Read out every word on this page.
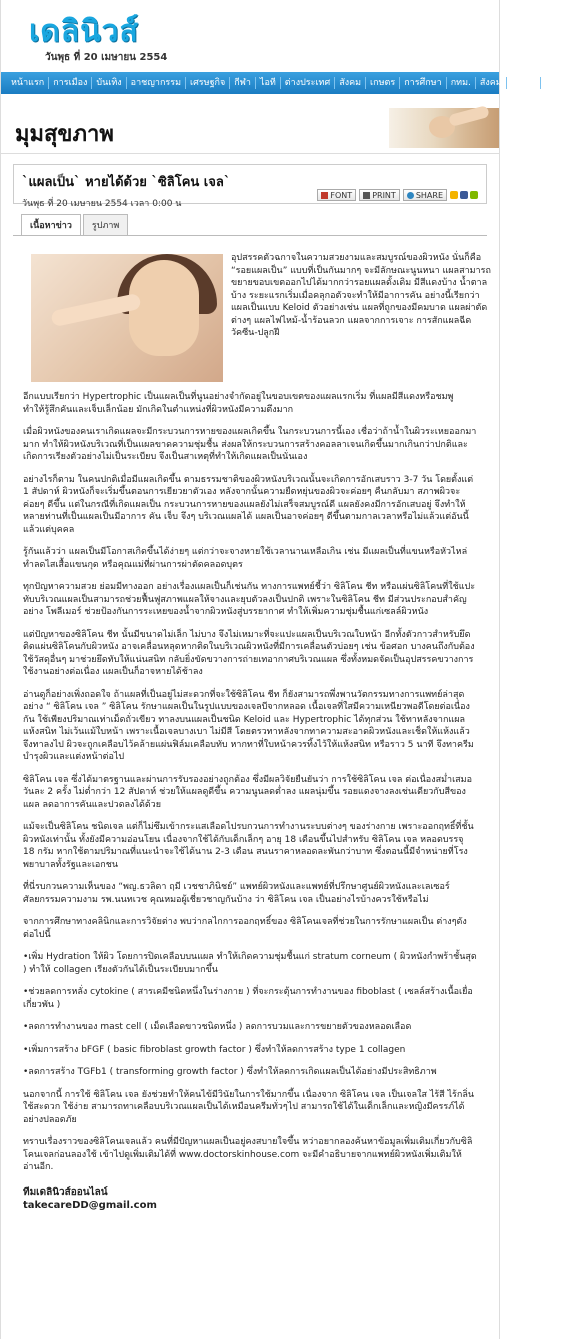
เดลินิวส์
วันพุธ ที่ 20 เมษายน 2554
หน้าแรก	การเมือง	บันเทิง	อาชญากรรม	เศรษฐกิจ	กีฬา	ไอที	ต่างประเทศ	สังคม	เกษตร	การศึกษา	กทม.	สังคม	วาไรตี้	บทความ
มุมสุขภาพ
`แผลเป็น` หายได้ด้วย `ซิลิโคน เจล`
วันพุธ ที่ 20 เมษายน 2554 เวลา 0:00 น
FONT	PRINT	SHARE
เนื้อหาข่าว	รูปภาพ
อุปสรรคตัวฉกาจในความสวยงามและสมบูรณ์ของผิวหนัง นั่นก็คือ “รอยแผลเป็น” แบบที่เป็นกันมากๆ จะมีลักษณะนูนหนา แผลสามารถขยายขอบเขตออกไปได้มากกว่ารอยแผลดั้งเดิม มีสีแดงบ้าง น้ำตาลบ้าง ระยะแรกเริ่มเมื่อคลุกอตัวจะทำให้มีอาการคัน อย่างนี้เรียกว่า แผลเป็นแบบ Keloid ตัวอย่างเช่น แผลที่ถูกของมีคมบาด แผลผ่าตัดต่างๆ แผลไฟไหม้-น้ำร้อนลวก แผลจากการเจาะ การสักแผลฉีดวัคซีน-ปลูกฝี
อีกแบบเรียกว่า Hypertrophic เป็นแผลเป็นที่นูนอย่างจำกัดอยู่ในขอบเขตของแผลแรกเริ่ม ที่แผลมีสีแดงหรือชมพู ทำให้รู้สึกคันและเจ็บเล็กน้อย มักเกิดในตำแหน่งที่ผิวหนังมีความตึงมาก
เมื่อผิวหนังของคนเราเกิดแผลจะมีกระบวนการหายของแผลเกิดขึ้น ในกระบวนการนี้เอง เชื่อว่าถ้าน้ำในผิวระเหยออกมามาก ทำให้ผิวหนังบริเวณที่เป็นแผลขาดความชุ่มชื้น ส่งผลให้กระบวนการสร้างคอลลาเจนเกิดขึ้นมากเกินกว่าปกติและเกิดการเรียงตัวอย่างไม่เป็นระเบียบ จึงเป็นสาเหตุที่ทำให้เกิดแผลเป็นนั่นเอง
อย่างไรก็ตาม ในคนปกติเมื่อมีแผลเกิดขึ้น ตามธรรมชาติของผิวหนังบริเวณนั้นจะเกิดการอักเสบราว 3-7 วัน โดยตั้งแต่ 1 สัปดาห์ ผิวหนังก็จะเริ่มขึ้นตอนการเยียวยาตัวเอง หลังจากนั้นความยืดหยุ่นของผิวจะค่อยๆ คืนกลับมา สภาพผิวจะค่อยๆ ดีขึ้น แต่ในกรณีที่เกิดแผลเป็น กระบวนการหายของแผลยังไม่เสร็จสมบูรณ์ดี แผลยังคงมีการอักเสบอยู่ จึงทำให้หลายท่านที่เป็นแผลเป็นมีอาการ คัน เจ็บ จึงๆ บริเวณแผลได้ แผลเป็นอาจค่อยๆ ดีขึ้นตามกาลเวลาหรือไม่แล้วแต่อันนี้แล้วแต่บุคคล
รู้กันแล้วว่า แผลเป็นมีโอกาสเกิดขึ้นได้ง่ายๆ แต่กว่าจะจางหายใช้เวลานานเหลือเกิน เช่น มีแผลเป็นที่แขนหรือหัวไหล่ ทำลดไสเสื้อแขนกุด หรือคุณแม่ที่ผ่านการผ่าตัดคลอดบุตร
ทุกปัญหาความสวย ย่อมมีทางออก อย่างเรื่องแผลเป็นก็เช่นกัน ทางการแพทย์ชี้ว่า ซิลิโคน ชีท หรือแผ่นซิลิโคนที่ใช้แปะทับบริเวณแผลเป็นสามารถช่วยฟื้นฟูสภาพแผลให้จางและยุบตัวลงเป็นปกติ เพราะในซิลิโคน ชีท มีส่วนประกอบสำคัญอย่าง โพลีเมอร์ ช่วยป้องกันการระเหยของน้ำจากผิวหนังสู่บรรยากาศ ทำให้เพิ่มความชุ่มชื้นแก่เซลล์ผิวหนัง
แต่ปัญหาของซิลิโคน ชีท นั้นมีขนาดไม่เล็ก ไม่บาง จึงไม่เหมาะที่จะแปะแผลเป็นบริเวณใบหน้า อีกทั้งตัวกาวสำหรับยึดติดแผ่นซิลิโคนกับผิวหนัง อาจเคลื่อนหลุดหากติดในบริเวณผิวหนังที่มีการเคลื่อนตัวบ่อยๆ เช่น ข้อศอก บางคนถึงกับต้องใช้วัสดุอื่นๆ มาช่วยยึดทับให้แน่นสนิท กลับยิ่งขัดขวางการถ่ายเทอากาศบริเวณแผล ซึ่งทั้งหมดจัดเป็นอุปสรรคขวางการใช้งานอย่างต่อเนื่อง แผลเป็นก็อาจหายได้ช้าลง
อ่านดูก็อย่างเพิ่งถอดใจ ถ้าแผลที่เป็นอยู่ไม่สะดวกที่จะใช้ซิลิโคน ชีท ก็ยังสามารถพึ่งพานวัตกรรมทางการแพทย์ล่าสุด อย่าง “ ซิลิโคน เจล ” ซิลิโคน รักษาแผลเป็นในรูปแบบของเจลบีจากหลอด เนื้อเจลที่ใสมีความเหนียวพอดีโดยต่อเนื่องกัน ใช้เพียงปริมาณเท่าเม็ดถั่วเขียว ทาลงบนแผลเป็นชนิด Keloid และ Hypertrophic ได้ทุกส่วน ใช้ทาหลังจากแผลแห้งสนิท ไม่เว้นแม้ใบหน้า เพราะเนื้อเจลบางเบา ไม่มีสี โดยตรวทาหลังจากทาความสะอาดผิวหนังและเช็ดให้แห้งแล้วจึงทาลงไป ผิวจะถูกเคลือบไว้คล้ายแผ่นฟิล์มเคลือบทับ หากทาที่ใบหน้าควรทิ้งไว้ให้แห้งสนิท หรือราว 5 นาที จึงทาครีมบำรุงผิวและแต่งหน้าต่อไป
ซิลิโคน เจล ซึ่งได้มาตรฐานและผ่านการรับรองอย่างถูกต้อง ซึ่งมีผลวิจัยยืนยันว่า การใช้ซิลิโคน เจล ต่อเนื่องสม่ำเสมอ วันละ 2 ครั้ง ไม่ต่ำกว่า 12 สัปดาห์ ช่วยให้แผลดูดีขึ้น ความนูนลดต่ำลง แผลนุ่มขึ้น รอยแดงจางลงเช่นเดียวกับสีของแผล ลดอาการคันและปวดลงได้ด้วย
แม้จะเป็นซิลิโคน ชนิดเจล แต่ก็ไม่ซึมเข้ากระแสเลือดไปรบกวนการทำงานระบบต่างๆ ของร่างกาย เพราะออกฤทธิ์ที่ชั้นผิวหนังเท่านั้น ทั้งยังมีความอ่อนโยน เนื่องจากใช้ได้กับเด็กเล็กๆ อายุ 18 เดือนขึ้นไปสำหรับ ซิลิโคน เจล หลอดบรรจุ 18 กรัม หากใช้ตามปริมาณที่แนะนำจะใช้ได้นาน 2-3 เดือน สนนราคาหลอดละพันกว่าบาท ซึ่งตอนนี้มีจำหน่ายที่โรงพยาบาลทั้งรัฐและเอกชน
ที่นี่รบกวนความเห็นของ “พญ.ธวลิดา ฤมี เวชชาภินิชย์” แพทย์ผิวหนังและแพทย์ที่ปรึกษาศูนย์ผิวหนังและเลเซอร์ศัลยกรรมความงาม รพ.นนทเวช คุณหมอผู้เชี่ยวชาญกันบ้าง ว่า ซิลิโคน เจล เป็นอย่างไรบ้างควรใช้หรือไม่
จากการศึกษาทางคลินิกและการวิจัยต่าง พบว่ากลไกการออกฤทธิ์ของ ซิลิโคนเจลที่ช่วยในการรักษาแผลเป็น ต่างๆดังต่อไปนี้
•เพิ่ม Hydration ให้ผิว โดยการปิดเคลือบบนแผล ทำให้เกิดความชุ่มชื้นแก่ stratum corneum ( ผิวหนังกำพร้าชั้นสุด ) ทำให้ collagen เรียงตัวกันได้เป็นระเบียบมากขึ้น
•ช่วยลดการหลั่ง cytokine ( สารเคมีชนิดหนึ่งในร่างกาย ) ที่จะกระตุ้นการทำงานของ fiboblast ( เซลล์สร้างเนื้อเยื่อเกี่ยวพัน )
•ลดการทำงานของ mast cell ( เม็ดเลือดขาวชนิดหนึ่ง ) ลดการบวมและการขยายตัวของหลอดเลือด
•เพิ่มการสร้าง bFGF ( basic fibroblast growth factor ) ซึ่งทำให้ลดการสร้าง type 1 collagen
•ลดการสร้าง TGFb1 ( transforming growth factor ) ซึ่งทำให้ลดการเกิดแผลเป็นได้อย่างมีประสิทธิภาพ
นอกจากนี้ การใช้ ซิลิโคน เจล ยังช่วยทำให้คนไข้มีวินัยในการใช้มากขึ้น เนื่องจาก ซิลิโคน เจล เป็นเจลใส ไร้สี ไร้กลิ่นใช้สะดวก ใช้ง่าย สามารถทาเคลือบบริเวณแผลเป็นได้เหมือนครีมทั่วๆไป สามารถใช้ได้ในเด็กเล็กและหญิงมีครรภ์ได้อย่างปลอดภัย
ทราบเรื่องราวของซิลิโคนเจลแล้ว คนที่มีปัญหาแผลเป็นอยู่คงสบายใจขึ้น หว่าอยากลองค้นหาข้อมูลเพิ่มเติมเกี่ยวกับซิลิโคนเจลก่อนลองใช้ เข้าไปดูเพิ่มเติมได้ที่ www.doctorskinhouse.com จะมีคำอธิบายจากแพทย์ผิวหนังเพิ่มเติมให้อ่านอีก.
ทีมเดลินิวส์ออนไลน์
takecareDD@gmail.com
